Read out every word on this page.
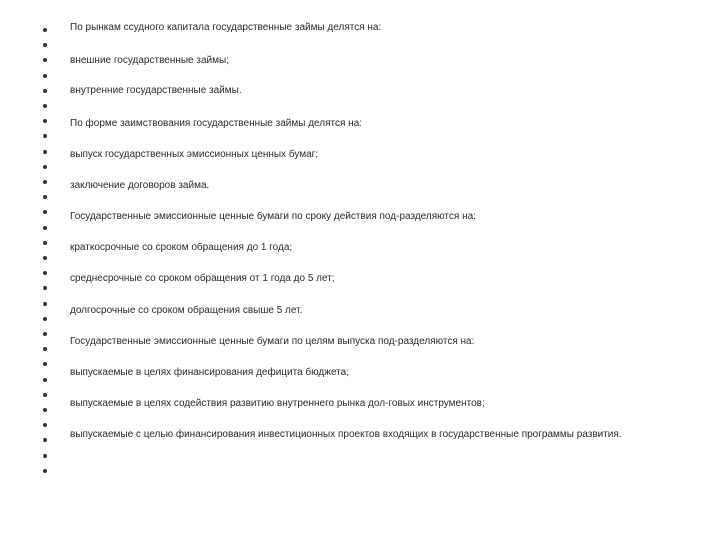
По рынкам ссудного капитала государственные займы делятся на:
внешние государственные займы;
внутренние государственные займы.
По форме заимствования государственные займы делятся на:
выпуск государственных эмиссионных ценных бумаг;
заключение договоров займа.
Государственные эмиссионные ценные бумаги по сроку действия под-разделяются на:
краткосрочные со сроком обращения до 1 года;
среднесрочные со сроком обращения от 1 года до 5 лет;
долгосрочные со сроком обращения свыше 5 лет.
Государственные эмиссионные ценные бумаги по целям выпуска под-разделяются на:
выпускаемые в целях финансирования дефицита бюджета;
выпускаемые в целях содействия развитию внутреннего рынка дол-говых инструментов;
выпускаемые с целью финансирования инвестиционных проектов входящих в государственные программы развития.
